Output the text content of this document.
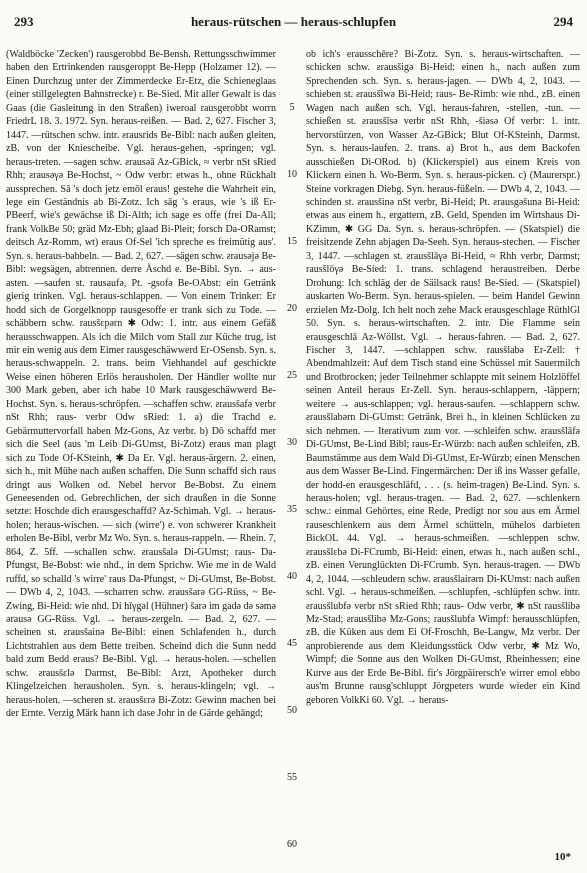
293	heraus-rütschen — heraus-schlupfen	294

(Waldböcke 'Zecken') rausgerobbd Be-Bensh. Rettungsschwimmer haben den Ertrinkenden rausgeroppt Be-Hepp (Holzamer 12). — Einen Durchzug unter der Zimmerdecke Er-Etz, die Schieneglaas (einer stillgelegten Bahnstrecke) r. Be-Sied. Mit aller Gewalt is das Gaas (die Gasleitung in den Straßen) iweroal rausgerobbt worrn FriedrL 18. 3. 1972. Syn. heraus-reißen. — Bad. 2, 627. Fischer 3, 1447. —rütschen schw. intr. ƨrausrids Be-Bibl: nach außen gleiten, zB. von der Kniescheibe. Vgl. heraus-gehen, -springen; vgl. heraus-treten. —sagen schw. ƨrausəā Az-GBick, ≈ verbr nSt sRied Rhh; ƨrausəγə Be-Hochst, ~ Odw verbr: etwas h., ohne Rückhalt aussprechen. Sā 's doch jetz emōl eraus! gestehe die Wahrheit ein, lege ein Geständnis ab Bi-Zotz. Ich sāg 's eraus, wie 's iß Er-PBeerf, wie's gewāchse iß Di-Alth; ich sage es offe (frei Da-All; frank VolkBe 50; gräd Mz-Ebh; glaad Bi-Pleit; forsch Da-ORamst; deitsch Az-Romm, wt) eraus Of-Sel 'ich spreche es freimütig aus'. Syn. s. heraus-babbeln. — Bad. 2, 627. —sägen schw. ƨrausəjə Be-Bibl: wegsägen, abtrennen. derre Äschd e. Be-Bibl. Syn. → aus-asten. —saufen st. rausaufə, Pt. -gsofə Be-OAbst: ein Getränk gierig trinken. Vgl. heraus-schlappen. — Von einem Trinker: Er hodd sich de Gorgelknopp rausgesoffe er trank sich zu Tode. —schäbbern schw. rausšεpərn ✱ Odw: 1. intr. aus einem Gefäß herausschwappen. Als ich die Milch vom Stall zur Küche trug, ist mir ein wenig aus dem Eimer rausgeschäwwerd Er-OSensb. Syn. s. heraus-schwappeln. 2. trans. beim Viehhandel auf geschickte Weise einen höheren Erlös herausholen. Der Händler wollte nur 300 Mark geben, aber ich habe 10 Mark rausgeschäwwerd Be-Hochst. Syn. s. heraus-schröpfen. —schaffen schw. ƨrausšafə verbr nSt Rhh; raus- verbr Odw sRied: 1. a) die Trachd e. Gebärmuttervorfall haben Mz-Gons, Az verbr. b) Dō schaffd mer sich die Seel (aus 'm Leib Di-GUmst, Bi-Zotz) eraus man plagt sich zu Tode Of-KSteinh, ✱ Da Er. Vgl. heraus-ärgern. 2. einen, sich h., mit Mühe nach außen schaffen. Die Sunn schaffd sich raus dringt aus Wolken od. Nebel hervor Be-Bobst. Zu einem Geneesenden od. Gebrechlichen, der sich draußen in die Sonne setzte: Hoschde dich erausgeschaffd? Az-Schimah. Vgl. → heraus-holen; heraus-wischen. — sich (wirre') e. von schwerer Krankheit erholen Be-Bibl, verbr Mz Wo. Syn. s. heraus-rappeln. — Rhein. 7, 864, Z. 5ff. —schallen schw. ƨrausšalə Di-GUmst; raus- Da-Pfungst, Be-Bobst: wie nhd., in dem Sprichw. Wie me in de Wald ruffd, so schalld 's wirre' raus Da-Pfungst, ~ Di-GUmst, Be-Bobst. — DWb 4, 2, 1043. —scharren schw. ƨrausšarə GG-Rüss, ~ Be-Zwing, Bi-Heid: wie nhd. Di hīγgəl (Hühner) šarə im gadə də səmə ərausə GG-Rüss. Vgl. → heraus-zergeln. — Bad. 2, 627. —scheinen st. ƨrausšainə Be-Bibl: einen Schlafenden h., durch Lichtstrahlen aus dem Bette treiben. Scheind dich die Sunn nedd bald zum Bedd eraus? Be-Bibl. Vgl. → heraus-holen. —schellen schw. ƨrausšεlə Darmst, Be-Bibl: Arzt, Apotheker durch Klingelzeichen herausholen. Syn. s. heraus-klingeln; vgl. → heraus-holen. —scheren st. ƨrausšεrə Bi-Zotz: Gewinn machen bei der Ernte. Verzig Märk hann ich dase Johr in de Gärde gehāngd;

5
10
15
20
25
30
35
40
45
50
55
60

ob ich's erausschēre? Bi-Zotz. Syn. s. heraus-wirtschaften. —schicken schw. ƨrausšigə Bi-Heid: einen h., nach außen zum Sprechenden sch. Syn. s. heraus-jagen. — DWb 4, 2, 1043. —schieben st. ƨrausšīwə Bi-Heid; raus- Be-Rimb: wie nhd., zB. einen Wagen nach außen sch. Vgl. heraus-fahren, -stellen, -tun. —schießen st. ƨrausšīsə verbr nSt Rhh, -šiəsə Of verbr: 1. intr. hervorstürzen, von Wasser Az-GBick; Blut Of-KSteinh, Darmst. Syn. s. heraus-laufen. 2. trans. a) Brot h., aus dem Backofen ausschießen Di-ORod. b) (Klickerspiel) aus einem Kreis von Klickern einen h. Wo-Berm. Syn. s. heraus-picken. c) (Maurerspr.) Steine vorkragen Diebg. Syn. heraus-füßeln. — DWb 4, 2, 1043. —schinden st. ƨrausšinə nSt verbr, Bi-Heid; Pt. ƨrausgəšunə Bi-Heid: etwas aus einem h., ergattern, zB. Geld, Spenden im Wirtshaus Di-KZimm, ✱ GG Da. Syn. s. heraus-schröpfen. — (Skatspiel) die freisitzende Zehn abjagen Da-Seeh. Syn. heraus-stechen. — Fischer 3, 1447. —schlagen st. ƨrausšlāγə Bi-Heid, ≈ Rhh verbr, Darmst; rausšlōγə Be-Sied: 1. trans. schlagend heraustreiben. Derbe Drohung: Ich schläg der de Säilsack raus! Be-Sied. — (Skatspiel) auskarten Wo-Berm. Syn. heraus-spielen. — beim Handel Gewinn erzielen Mz-Dolg. Ich helt noch zehe Mack erausgeschlage RüthlGl 50. Syn. s. heraus-wirtschaften. 2. intr. Die Flamme sein erausgeschlā Az-Wöllst. Vgl. → heraus-fahren. — Bad. 2, 627. Fischer 3, 1447. —schlappen schw. rausšlabə Er-Zell: † Abendmahlzeit: Auf dem Tisch stand eine Schüssel mit Sauermilch und Brotbrocken; jeder Teilnehmer schlappte mit seinem Holzlöffel seinen Anteil heraus Er-Zell. Syn. heraus-schlappern, -läppern; weitere → aus-schlappen; vgl. heraus-saufen. —schlappern schw. ƨrausšlabərn Di-GUmst: Getränk, Brei h., in kleinen Schlücken zu sich nehmen. — Iterativum zum vor. —schleifen schw. ƨrausšlāfə Di-GUmst, Be-Lind Bibl; raus-Er-Würzb: nach außen schleifen, zB. Baumstämme aus dem Wald Di-GUmst, Er-Würzb; einen Menschen aus dem Wasser Be-Lind. Fingermärchen: Der iß ins Wasser gefalle, der hodd-en erausgeschläfd, . . . (s. heim-tragen) Be-Lind. Syn. s. heraus-holen; vgl. heraus-tragen. — Bad. 2, 627. —schlenkern schw.: einmal Gehörtes, eine Rede, Predigt nor sou aus em Ärmel rauseschlenkern aus dem Ärmel schütteln, mühelos darbieten BickOL 44. Vgl. → heraus-schmeißen. —schleppen schw. ƨrausšlεbə Di-FCrumb, Bi-Heid: einen, etwas h., nach außen schl., zB. einen Verunglückten Di-FCrumb. Syn. heraus-tragen. — DWb 4, 2, 1044. —schleudern schw. ƨrausšlairərn Di-KUmst: nach außen schl. Vgl. → heraus-schmeißen. —schlupfen, -schlüpfen schw. intr. ƨrausšlubfə verbr nSt sRied Rhh; raus- Odw verbr, ✱ nSt rausšlibə Mz-Stad; ƨrausšlibə Mz-Gons; rausšlubfə Wimpf: herausschlüpfen, zB. die Küken aus dem Ei Of-Froschh, Be-Langw, Mz verbr. Der anprobierende aus dem Kleidungsstück Odw verbr, ✱ Mz Wo, Wimpf; die Sonne aus den Wolken Di-GUmst, Rheinhessen; eine Kurve aus der Erde Be-Bibl. fir's Jörgpäirersch'e wirrer emol ebbo aus'm Brunne rausg'schluppt Jörgpeters wurde wieder ein Kind geboren VolkKi 60. Vgl. → heraus-

10*
